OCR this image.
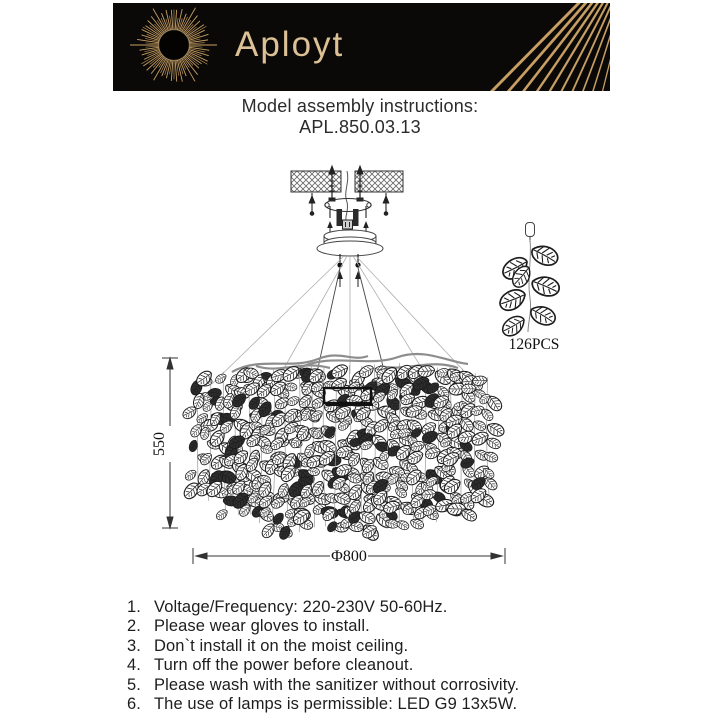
Aployt
Model assembly instructions:
APL.850.03.13
550
Φ800
126PCS
1. Voltage/Frequency: 220-230V 50-60Hz.
2. Please wear gloves to install.
3. Don`t install it on the moist ceiling.
4. Turn off the power before cleanout.
5. Please wash with the sanitizer without corrosivity.
6. The use of lamps is permissible: LED G9 13x5W.
